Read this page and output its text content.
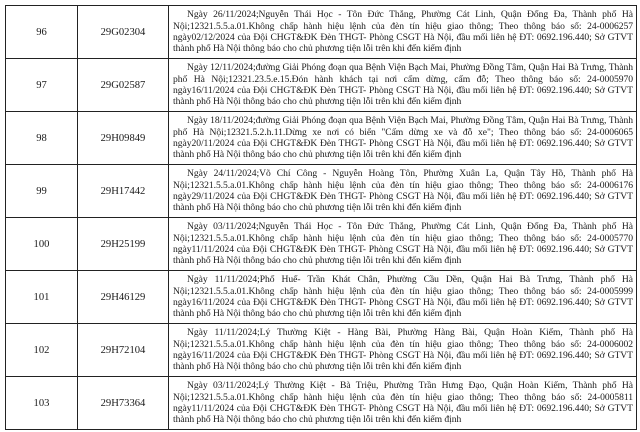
96	29G02304	Ngày 26/11/2024;Nguyễn Thái Học - Tôn Đức Thắng, Phường Cát Linh, Quận Đống Đa, Thành phố Hà Nội;12321.5.5.a.01.Không chấp hành hiệu lệnh của đèn tín hiệu giao thông; Theo thông báo số: 24-0006257 ngày02/12/2024 của Đội CHGT&ĐK Đèn THGT- Phòng CSGT Hà Nội, đầu mối liên hệ ĐT: 0692.196.440; Sở GTVT thành phố Hà Nội thông báo cho chủ phương tiện lỗi trên khi đến kiểm định
97	29G02587	Ngày 12/11/2024;đường Giải Phóng đoạn qua Bệnh Viện Bạch Mai, Phường Đồng Tâm, Quận Hai Bà Trưng, Thành phố Hà Nội;12321.23.5.e.15.Đón hành khách tại nơi cấm dừng, cấm đỗ; Theo thông báo số: 24-0005970 ngày16/11/2024 của Đội CHGT&ĐK Đèn THGT- Phòng CSGT Hà Nội, đầu mối liên hệ ĐT: 0692.196.440; Sở GTVT thành phố Hà Nội thông báo cho chủ phương tiện lỗi trên khi đến kiểm định
98	29H09849	Ngày 18/11/2024;đường Giải Phóng đoạn qua Bệnh Viện Bạch Mai, Phường Đồng Tâm, Quận Hai Bà Trưng, Thành phố Hà Nội;12321.5.2.h.11.Dừng xe nơi có biển "Cấm dừng xe và đỗ xe"; Theo thông báo số: 24-0006065 ngày20/11/2024 của Đội CHGT&ĐK Đèn THGT- Phòng CSGT Hà Nội, đầu mối liên hệ ĐT: 0692.196.440; Sở GTVT thành phố Hà Nội thông báo cho chủ phương tiện lỗi trên khi đến kiểm định
99	29H17442	Ngày 24/11/2024;Võ Chí Công - Nguyễn Hoàng Tôn, Phường Xuân La, Quận Tây Hồ, Thành phố Hà Nội;12321.5.5.a.01.Không chấp hành hiệu lệnh của đèn tín hiệu giao thông; Theo thông báo số: 24-0006176 ngày29/11/2024 của Đội CHGT&ĐK Đèn THGT- Phòng CSGT Hà Nội, đầu mối liên hệ ĐT: 0692.196.440; Sở GTVT thành phố Hà Nội thông báo cho chủ phương tiện lỗi trên khi đến kiểm định
100	29H25199	Ngày 03/11/2024;Nguyễn Thái Học - Tôn Đức Thắng, Phường Cát Linh, Quận Đống Đa, Thành phố Hà Nội;12321.5.5.a.01.Không chấp hành hiệu lệnh của đèn tín hiệu giao thông; Theo thông báo số: 24-0005770 ngày11/11/2024 của Đội CHGT&ĐK Đèn THGT- Phòng CSGT Hà Nội, đầu mối liên hệ ĐT: 0692.196.440; Sở GTVT thành phố Hà Nội thông báo cho chủ phương tiện lỗi trên khi đến kiểm định
101	29H46129	Ngày 11/11/2024;Phố Huế- Trần Khát Chân, Phường Cầu Dền, Quận Hai Bà Trưng, Thành phố Hà Nội;12321.5.5.a.01.Không chấp hành hiệu lệnh của đèn tín hiệu giao thông; Theo thông báo số: 24-0005999 ngày16/11/2024 của Đội CHGT&ĐK Đèn THGT- Phòng CSGT Hà Nội, đầu mối liên hệ ĐT: 0692.196.440; Sở GTVT thành phố Hà Nội thông báo cho chủ phương tiện lỗi trên khi đến kiểm định
102	29H72104	Ngày 11/11/2024;Lý Thường Kiệt - Hàng Bài, Phường Hàng Bài, Quận Hoàn Kiếm, Thành phố Hà Nội;12321.5.5.a.01.Không chấp hành hiệu lệnh của đèn tín hiệu giao thông; Theo thông báo số: 24-0006002 ngày16/11/2024 của Đội CHGT&ĐK Đèn THGT- Phòng CSGT Hà Nội, đầu mối liên hệ ĐT: 0692.196.440; Sở GTVT thành phố Hà Nội thông báo cho chủ phương tiện lỗi trên khi đến kiểm định
103	29H73364	Ngày 03/11/2024;Lý Thường Kiệt - Bà Triệu, Phường Trần Hưng Đạo, Quận Hoàn Kiếm, Thành phố Hà Nội;12321.5.5.a.01.Không chấp hành hiệu lệnh của đèn tín hiệu giao thông; Theo thông báo số: 24-0005811 ngày11/11/2024 của Đội CHGT&ĐK Đèn THGT- Phòng CSGT Hà Nội, đầu mối liên hệ ĐT: 0692.196.440; Sở GTVT thành phố Hà Nội thông báo cho chủ phương tiện lỗi trên khi đến kiểm định
